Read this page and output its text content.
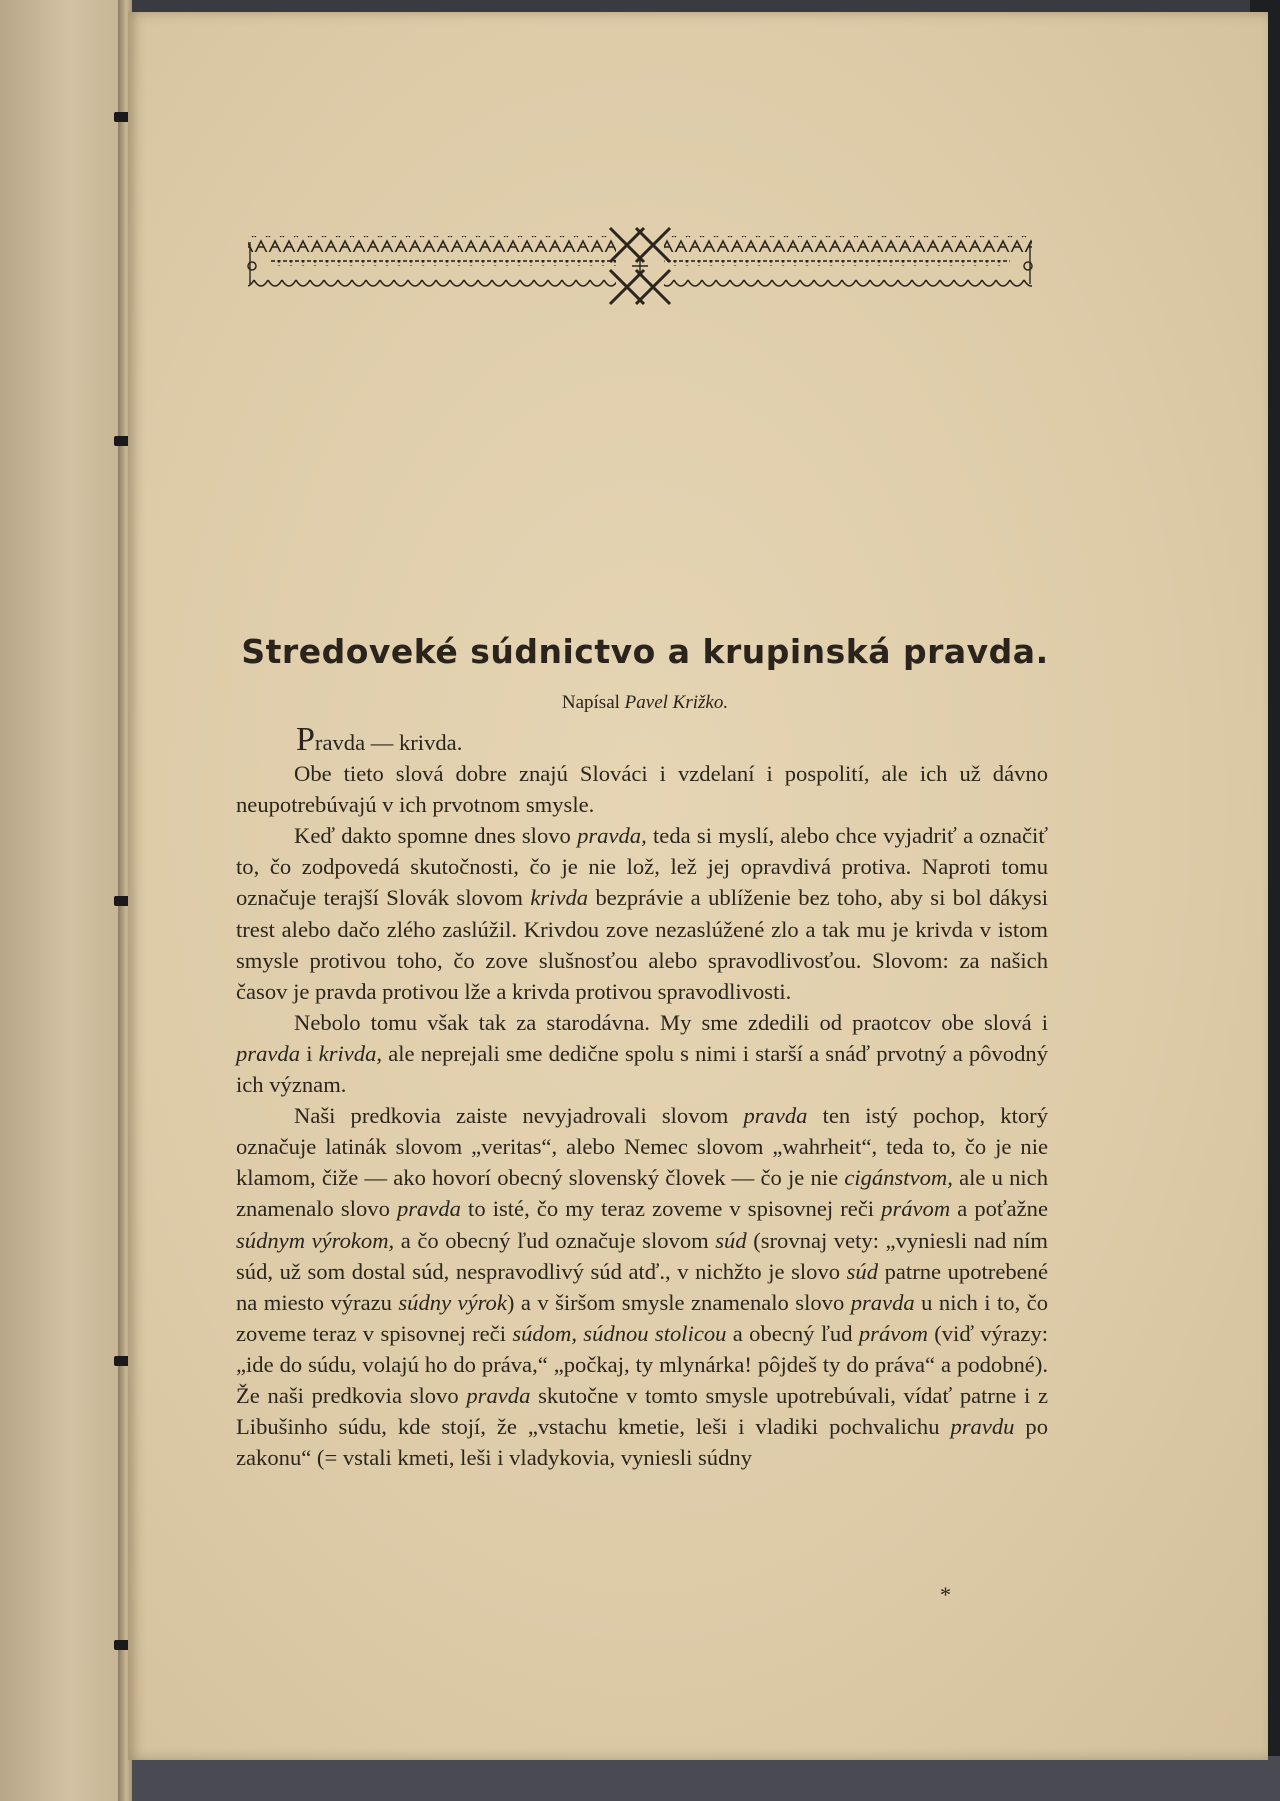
Stredoveké súdnictvo a krupinská pravda.
Napísal Pavel Križko.

Pravda — krivda.

Obe tieto slová dobre znajú Slováci i vzdelaní i pospolití, ale ich už dávno neupotrebúvajú v ich prvotnom smysle.

Keď dakto spomne dnes slovo pravda, teda si myslí, alebo chce vyjadriť a označiť to, čo zodpovedá skutočnosti, čo je nie lož, lež jej opravdivá protiva. Naproti tomu označuje terajší Slovák slovom krivda bezprávie a ublíženie bez toho, aby si bol dákysi trest alebo dačo zlého zaslúžil. Krivdou zove nezaslúžené zlo a tak mu je krivda v istom smysle protivou toho, čo zove slušnosťou alebo spravodlivosťou. Slovom: za našich časov je pravda protivou lže a krivda protivou spravodlivosti.

Nebolo tomu však tak za starodávna. My sme zdedili od praotcov obe slová i pravda i krivda, ale neprejali sme dedične spolu s nimi i starší a snáď prvotný a pôvodný ich význam.

Naši predkovia zaiste nevyjadrovali slovom pravda ten istý pochop, ktorý označuje latinák slovom „veritas“, alebo Nemec slovom „wahrheit“, teda to, čo je nie klamom, čiže — ako hovorí obecný slovenský človek — čo je nie cigánstvom, ale u nich znamenalo slovo pravda to isté, čo my teraz zoveme v spisovnej reči právom a poťažne súdnym výrokom, a čo obecný ľud označuje slovom súd (srovnaj vety: „vyniesli nad ním súd, už som dostal súd, nespravodlivý súd atď., v nichžto je slovo súd patrne upotrebené na miesto výrazu súdny výrok) a v širšom smysle znamenalo slovo pravda u nich i to, čo zoveme teraz v spisovnej reči súdom, súdnou stolicou a obecný ľud právom (viď výrazy: „ide do súdu, volajú ho do práva,“ „počkaj, ty mlynárka! pôjdeš ty do práva“ a podobné). Že naši predkovia slovo pravda skutočne v tomto smysle upotrebúvali, vídať patrne i z Libušinho súdu, kde stojí, že „vstachu kmetie, leši i vladiki pochvalichu pravdu po zakonu“ (= vstali kmeti, leši i vladykovia, vyniesli súdny

*
